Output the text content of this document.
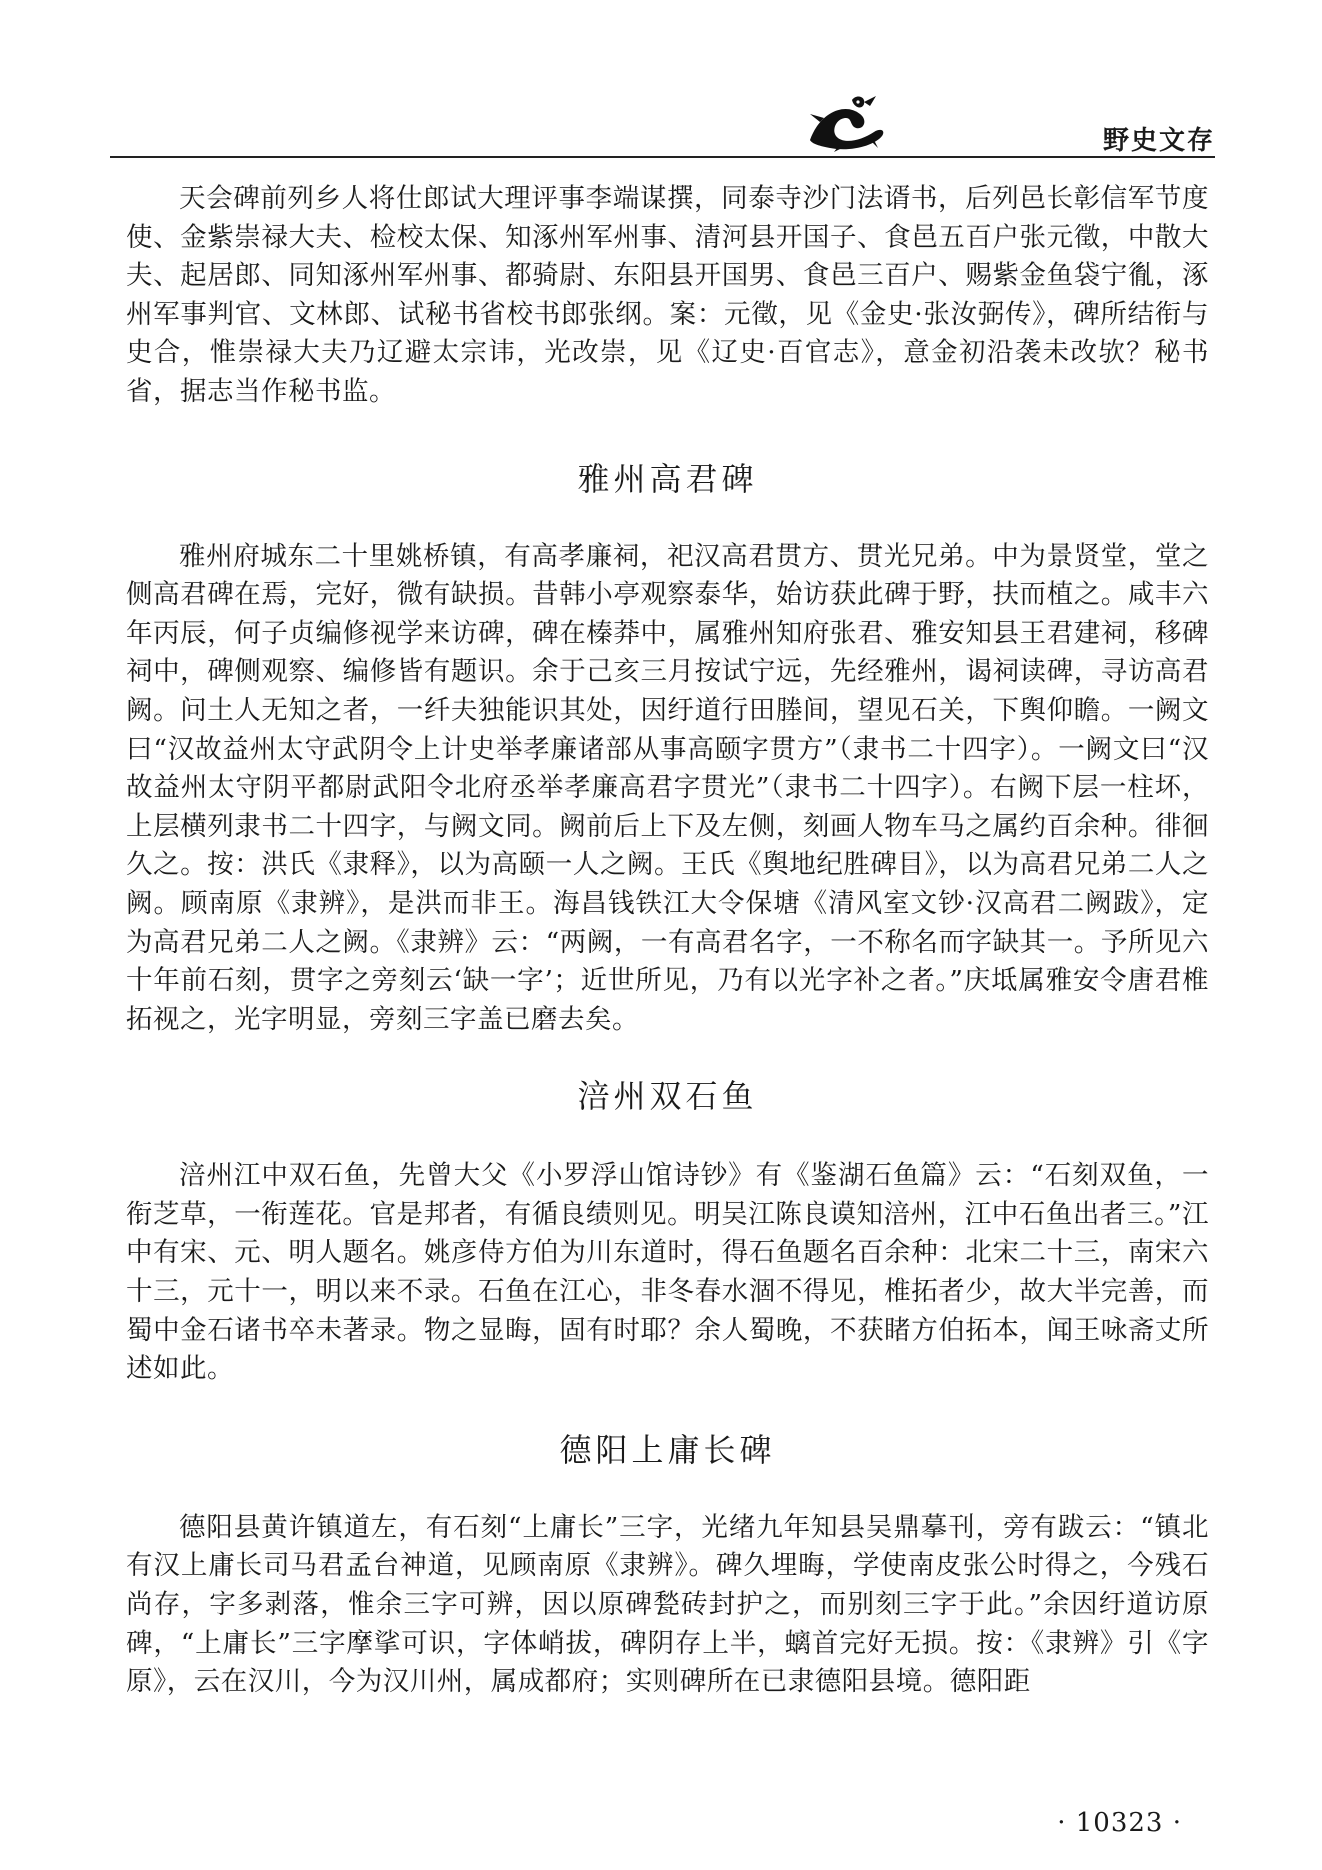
野史文存

天会碑前列乡人将仕郎试大理评事李端谋撰，同泰寺沙门法谞书，后列邑长彰信军节度使、金紫崇禄大夫、检校太保、知涿州军州事、清河县开国子、食邑五百户张元徵，中散大夫、起居郎、同知涿州军州事、都骑尉、东阳县开国男、食邑三百户、赐紫金鱼袋宁㣧，涿州军事判官、文林郎、试秘书省校书郎张纲。案：元徵，见《金史·张汝弼传》，碑所结衔与史合，惟崇禄大夫乃辽避太宗讳，光改崇，见《辽史·百官志》，意金初沿袭未改欤？秘书省，据志当作秘书监。

雅州高君碑

雅州府城东二十里姚桥镇，有高孝廉祠，祀汉高君贯方、贯光兄弟。中为景贤堂，堂之侧高君碑在焉，完好，微有缺损。昔韩小亭观察泰华，始访获此碑于野，扶而植之。咸丰六年丙辰，何子贞编修视学来访碑，碑在榛莽中，属雅州知府张君、雅安知县王君建祠，移碑祠中，碑侧观察、编修皆有题识。余于己亥三月按试宁远，先经雅州，谒祠读碑，寻访高君阙。问土人无知之者，一纤夫独能识其处，因纡道行田塍间，望见石关，下舆仰瞻。一阙文曰“汉故益州太守武阴令上计史举孝廉诸部从事高颐字贯方”（隶书二十四字）。一阙文曰“汉故益州太守阴平都尉武阳令北府丞举孝廉高君字贯光”（隶书二十四字）。右阙下层一柱坏，上层横列隶书二十四字，与阙文同。阙前后上下及左侧，刻画人物车马之属约百余种。徘徊久之。按：洪氏《隶释》，以为高颐一人之阙。王氏《舆地纪胜碑目》，以为高君兄弟二人之阙。顾南原《隶辨》，是洪而非王。海昌钱铁江大令保塘《清风室文钞·汉高君二阙跋》，定为高君兄弟二人之阙。《隶辨》云：“两阙，一有高君名字，一不称名而字缺其一。予所见六十年前石刻，贯字之旁刻云‘缺一字’；近世所见，乃有以光字补之者。”庆坻属雅安令唐君椎拓视之，光字明显，旁刻三字盖已磨去矣。

涪州双石鱼

涪州江中双石鱼，先曾大父《小罗浮山馆诗钞》有《鉴湖石鱼篇》云：“石刻双鱼，一衔芝草，一衔莲花。官是邦者，有循良绩则见。明吴江陈良谟知涪州，江中石鱼出者三。”江中有宋、元、明人题名。姚彦侍方伯为川东道时，得石鱼题名百余种：北宋二十三，南宋六十三，元十一，明以来不录。石鱼在江心，非冬春水涸不得见，椎拓者少，故大半完善，而蜀中金石诸书卒未著录。物之显晦，固有时耶？余人蜀晚，不获睹方伯拓本，闻王咏斋丈所述如此。

德阳上庸长碑

德阳县黄许镇道左，有石刻“上庸长”三字，光绪九年知县吴鼎摹刊，旁有跋云：“镇北有汉上庸长司马君孟台神道，见顾南原《隶辨》。碑久埋晦，学使南皮张公时得之，今残石尚存，字多剥落，惟余三字可辨，因以原碑甃砖封护之，而别刻三字于此。”余因纡道访原碑，“上庸长”三字摩挲可识，字体峭拔，碑阴存上半，螭首完好无损。按：《隶辨》引《字原》，云在汉川，今为汉川州，属成都府；实则碑所在已隶德阳县境。德阳距

· 10323 ·
